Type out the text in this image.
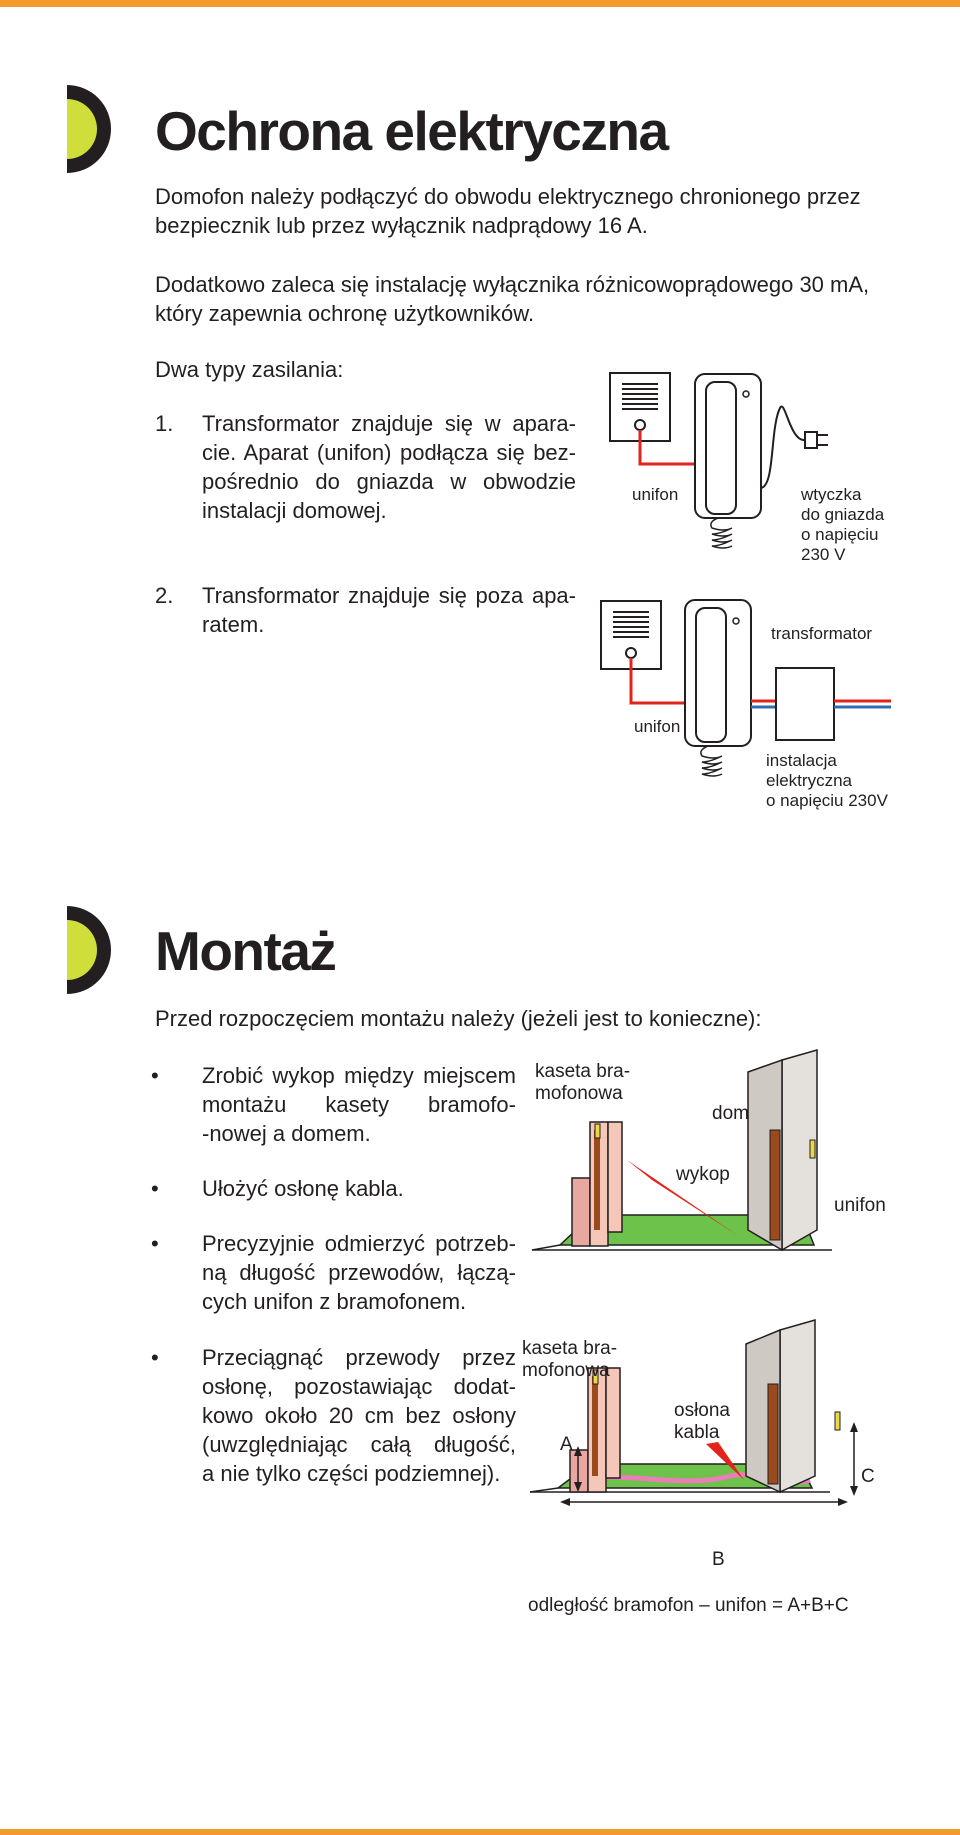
Ochrona elektryczna
Domofon należy podłączyć do obwodu elektrycznego chronionego przez
bezpiecznik lub przez wyłącznik nadprądowy 16 A.
Dodatkowo zaleca się instalację wyłącznika różnicowoprądowego 30 mA,
który zapewnia ochronę użytkowników.
Dwa typy zasilania:
1. Transformator znajduje się w apara-
cie. Aparat (unifon) podłącza się bez-
pośrednio do gniazda w obwodzie
instalacji domowej.
2. Transformator znajduje się poza apa-
ratem.
unifon	wtyczka
do gniazda
o napięciu
230 V
transformator
unifon
instalacja
elektryczna
o napięciu 230V
Montaż
Przed rozpoczęciem montażu należy (jeżeli jest to konieczne):
• Zrobić wykop między miejscem
montażu kasety bramofo-
-nowej a domem.
• Ułożyć osłonę kabla.
• Precyzyjnie odmierzyć potrzeb-
ną długość przewodów, łączą-
cych unifon z bramofonem.
• Przeciągnąć przewody przez
osłonę, pozostawiając dodat-
kowo około 20 cm bez osłony
(uwzględniając całą długość,
a nie tylko części podziemnej).
kaseta bra-
mofonowa
dom
wykop
unifon
kaseta bra-
mofonowa
osłona
kabla
A
B
C
odległość bramofon – unifon = A+B+C
